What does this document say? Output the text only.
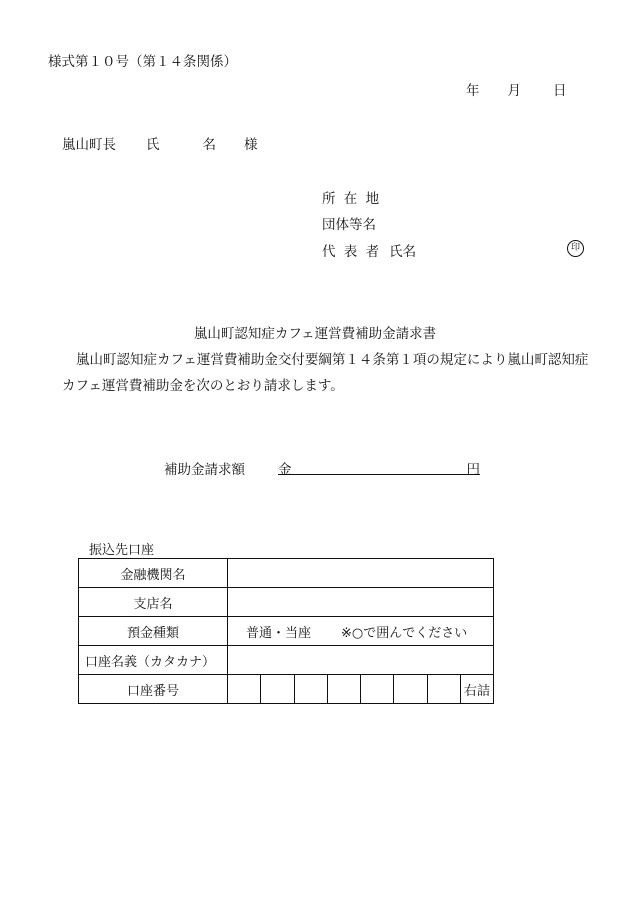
様式第１０号（第１４条関係）
年 月 日
嵐山町長 氏	名 様
所 在 地
団体等名
代 表 者 氏名	印
嵐山町認知症カフェ運営費補助金請求書
嵐山町認知症カフェ運営費補助金交付要綱第１４条第１項の規定により嵐山町認知症カフェ運営費補助金を次のとおり請求します。
補助金請求額 金	円
振込先口座
金融機関名								
支店名								
預金種類	普通・当座 ※○で囲んでください							
口座名義（カタカナ）								
口座番号								右詰
